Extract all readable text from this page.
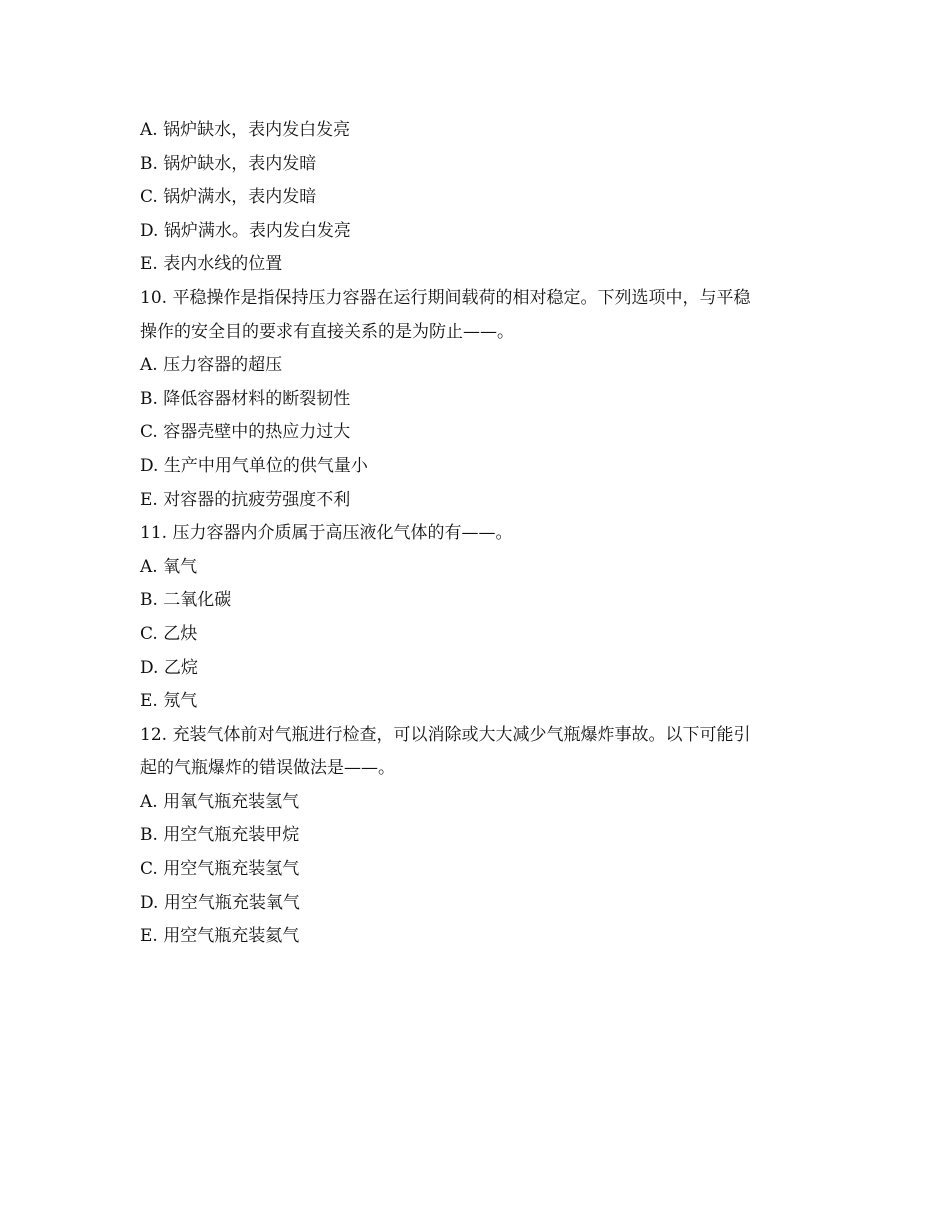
A. 锅炉缺水，表内发白发亮
B. 锅炉缺水，表内发暗
C. 锅炉满水，表内发暗
D. 锅炉满水。表内发白发亮
E. 表内水线的位置
10. 平稳操作是指保持压力容器在运行期间载荷的相对稳定。下列选项中，与平稳
操作的安全目的要求有直接关系的是为防止——。
A. 压力容器的超压
B. 降低容器材料的断裂韧性
C. 容器壳壁中的热应力过大
D. 生产中用气单位的供气量小
E. 对容器的抗疲劳强度不利
11. 压力容器内介质属于高压液化气体的有——。
A. 氧气
B. 二氧化碳
C. 乙炔
D. 乙烷
E. 氖气
12. 充装气体前对气瓶进行检查，可以消除或大大减少气瓶爆炸事故。以下可能引
起的气瓶爆炸的错误做法是——。
A. 用氧气瓶充装氢气
B. 用空气瓶充装甲烷
C. 用空气瓶充装氢气
D. 用空气瓶充装氧气
E. 用空气瓶充装氦气
